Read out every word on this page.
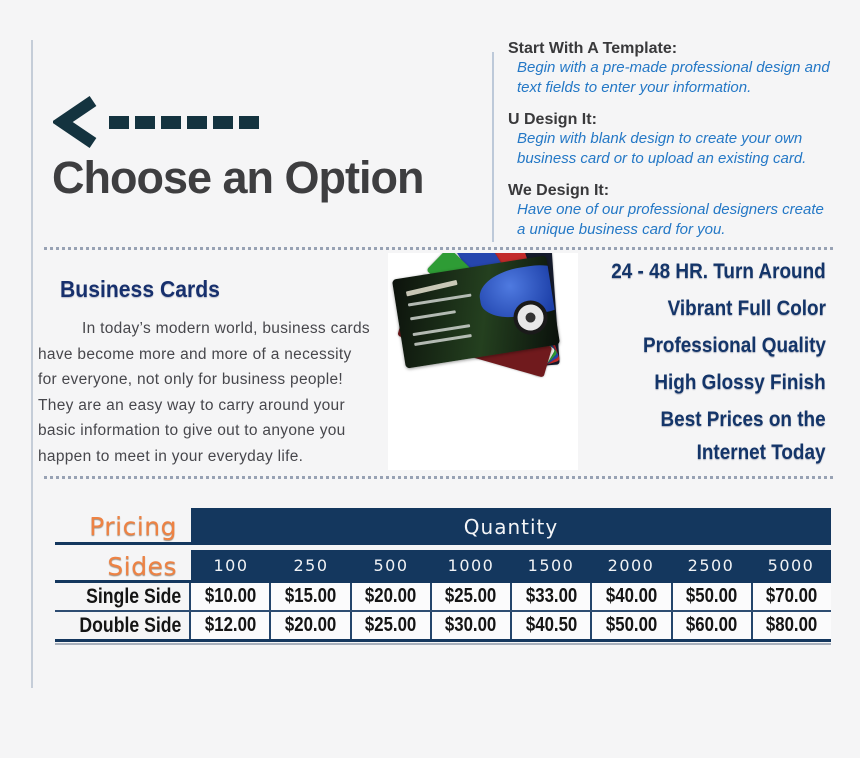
Choose an Option
Start With A Template:
Begin with a pre-made professional design and
text fields to enter your information.
U Design It:
Begin with blank design to create your own
business card or to upload an existing card.
We Design It:
Have one of our professional designers create
a unique business card for you.
Business Cards
In today’s modern world, business cards
have become more and more of a necessity
for everyone, not only for business people!
They are an easy way to carry around your
basic information to give out to anyone you
happen to meet in your everyday life.
24 - 48 HR. Turn Around
Vibrant Full Color
Professional Quality
High Glossy Finish
Best Prices on the
Internet Today
Pricing	Quantity
Sides	100	250	500	1000	1500	2000	2500	5000
Single Side $10.00 $15.00 $20.00 $25.00 $33.00 $40.00 $50.00 $70.00
Double Side $12.00 $20.00 $25.00 $30.00 $40.50 $50.00 $60.00 $80.00
